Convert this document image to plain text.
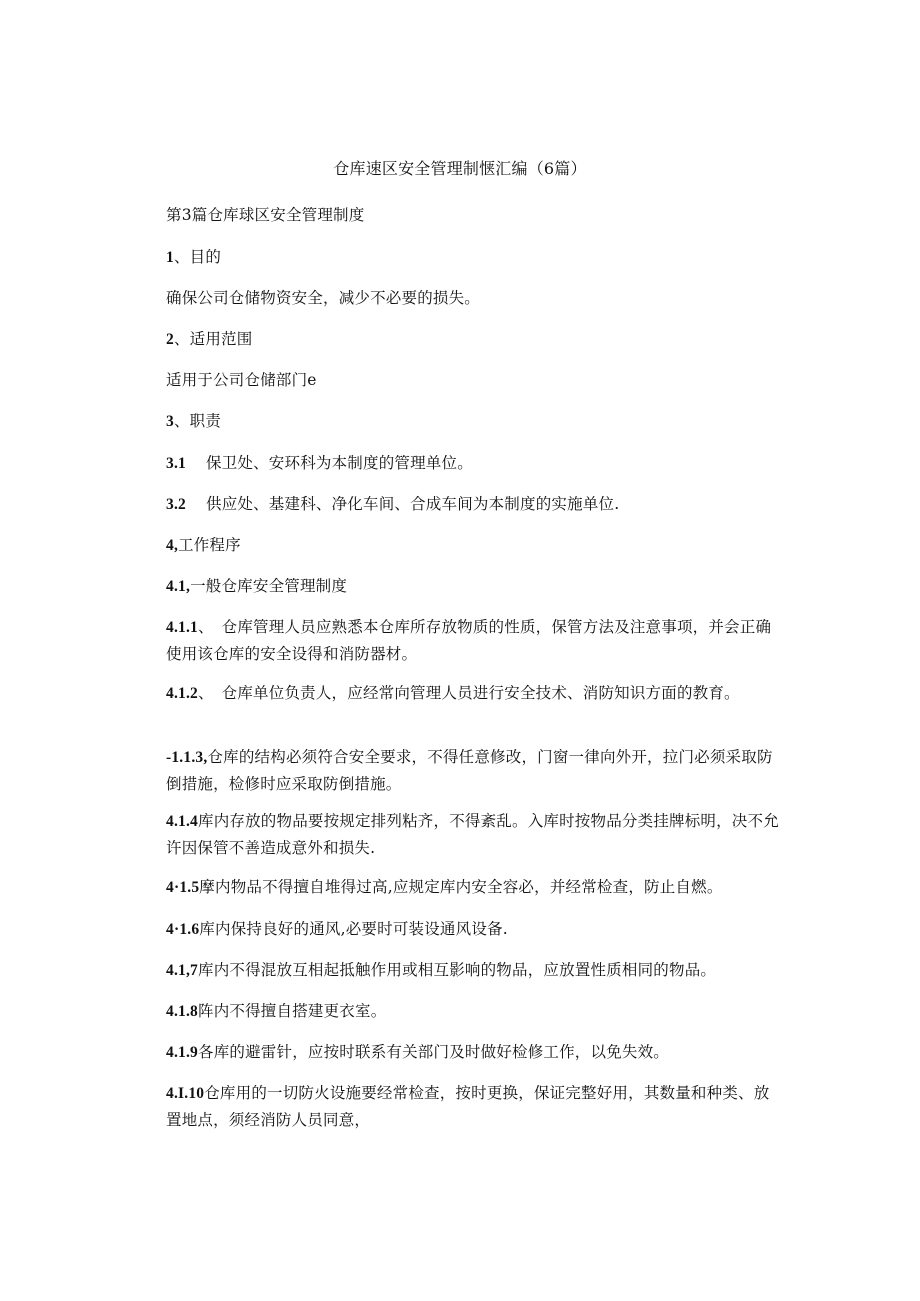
仓库速区安全管理制惬汇编（6篇）
第3篇仓库球区安全管理制度
1、目的
确保公司仓储物资安全，减少不必要的损失。
2、适用范围
适用于公司仓储部门e
3、职责
3.1 保卫处、安环科为本制度的管理单位。
3.2 供应处、基建科、净化车间、合成车间为本制度的实施单位.
4,工作程序
4.1,一般仓库安全管理制度
4.1.1、　仓库管理人员应熟悉本仓库所存放物质的性质，保管方法及注意事项，并会正确使用该仓库的安全设得和消防器材。
4.1.2、　仓库单位负责人，应经常向管理人员进行安全技术、消防知识方面的教育。
-1.1.3,仓库的结构必须符合安全要求，不得任意修改，门窗一律向外开，拉门必须采取防倒措施，检修时应采取防倒措施。
4.1.4库内存放的物品要按规定排列粘齐，不得紊乱。入库时按物品分类挂牌标明，决不允许因保管不善造成意外和损失.
4·1.5摩内物品不得擅自堆得过高,应规定库内安全容必，并经常检查，防止自燃。
4·1.6库内保持良好的通风,必要时可装设通风设备.
4.1,7库内不得混放互相起抵触作用或相互影响的物品，应放置性质相同的物品。
4.1.8阵内不得擅自搭建更衣室。
4.1.9各库的避雷针，应按时联系有关部门及时做好检修工作，以免失效。
4.I.10仓库用的一切防火设施要经常检查，按时更换，保证完整好用，其数量和种类、放置地点，须经消防人员同意，
